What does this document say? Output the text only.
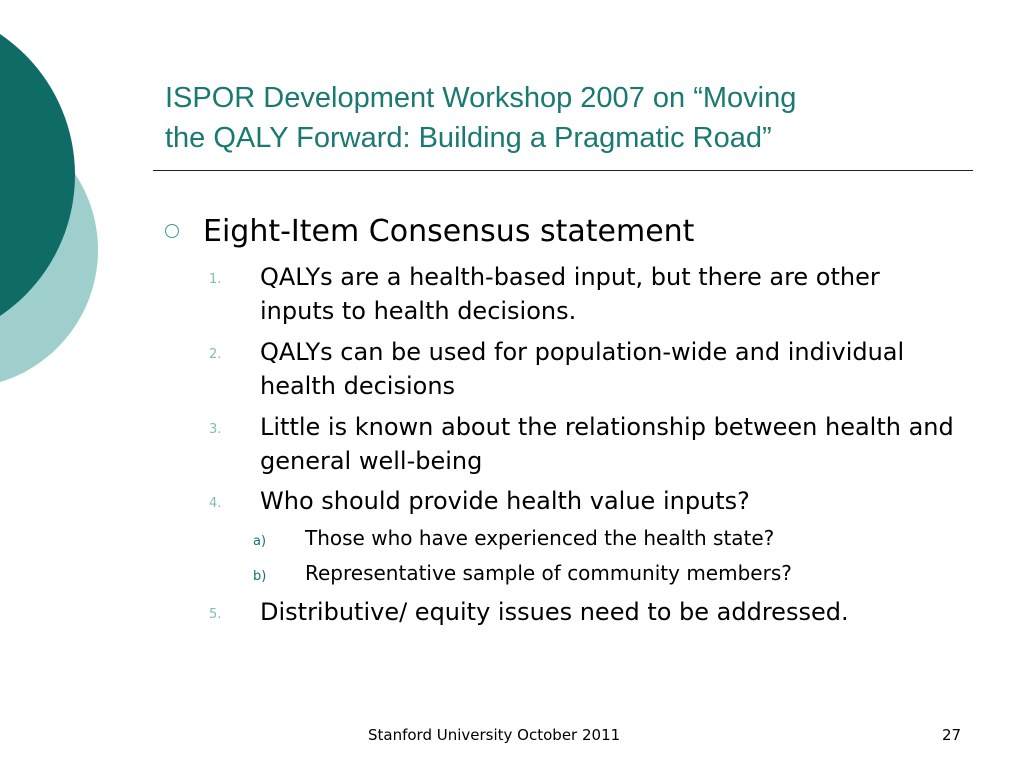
ISPOR Development Workshop 2007 on “Moving
the QALY Forward: Building a Pragmatic Road”
Eight-Item Consensus statement
1. QALYs are a health-based input, but there are other inputs to health decisions.
2. QALYs can be used for population-wide and individual health decisions
3. Little is known about the relationship between health and general well-being
4. Who should provide health value inputs?
a) Those who have experienced the health state?
b) Representative sample of community members?
5. Distributive/ equity issues need to be addressed.
Stanford University October 2011	27
